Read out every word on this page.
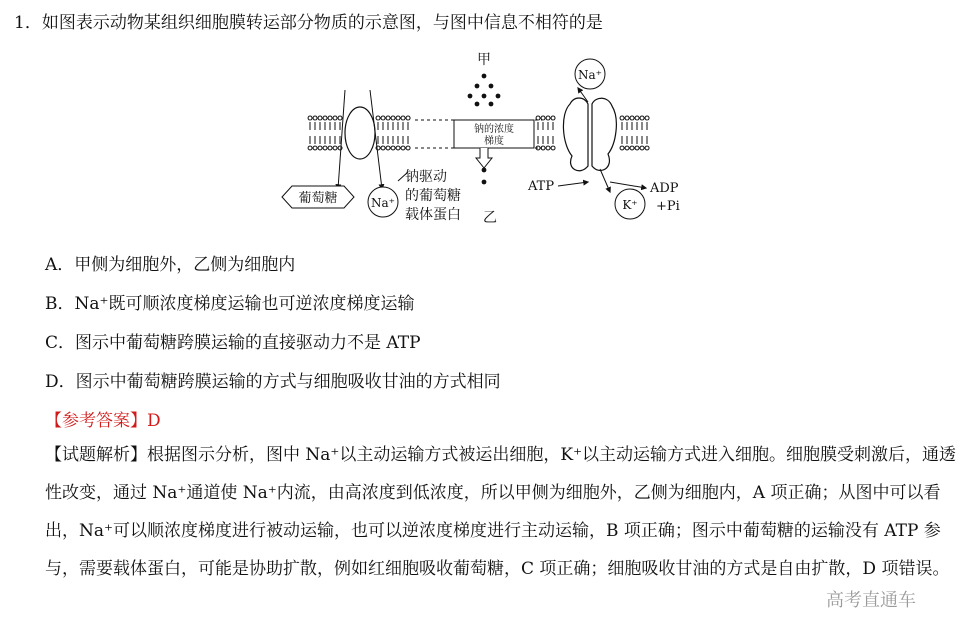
1．如图表示动物某组织细胞膜转运部分物质的示意图，与图中信息不相符的是
钠的浓度
梯度
甲
乙
Na⁺
K⁺
ATP	ADP
+Pi
葡萄糖	Na⁺
钠驱动
的葡萄糖
载体蛋白
A．甲侧为细胞外，乙侧为细胞内
B．Na⁺既可顺浓度梯度运输也可逆浓度梯度运输
C．图示中葡萄糖跨膜运输的直接驱动力不是 ATP
D．图示中葡萄糖跨膜运输的方式与细胞吸收甘油的方式相同
【参考答案】D
【试题解析】根据图示分析，图中 Na⁺以主动运输方式被运出细胞，K⁺以主动运输方式进入细胞。细胞膜受刺激后，通透性改变，通过 Na⁺通道使 Na⁺内流，由高浓度到低浓度，所以甲侧为细胞外，乙侧为细胞内，A 项正确；从图中可以看出，Na⁺可以顺浓度梯度进行被动运输，也可以逆浓度梯度进行主动运输，B 项正确；图示中葡萄糖的运输没有 ATP 参与，需要载体蛋白，可能是协助扩散，例如红细胞吸收葡萄糖，C 项正确；细胞吸收甘油的方式是自由扩散，D 项错误。
高考直通车
